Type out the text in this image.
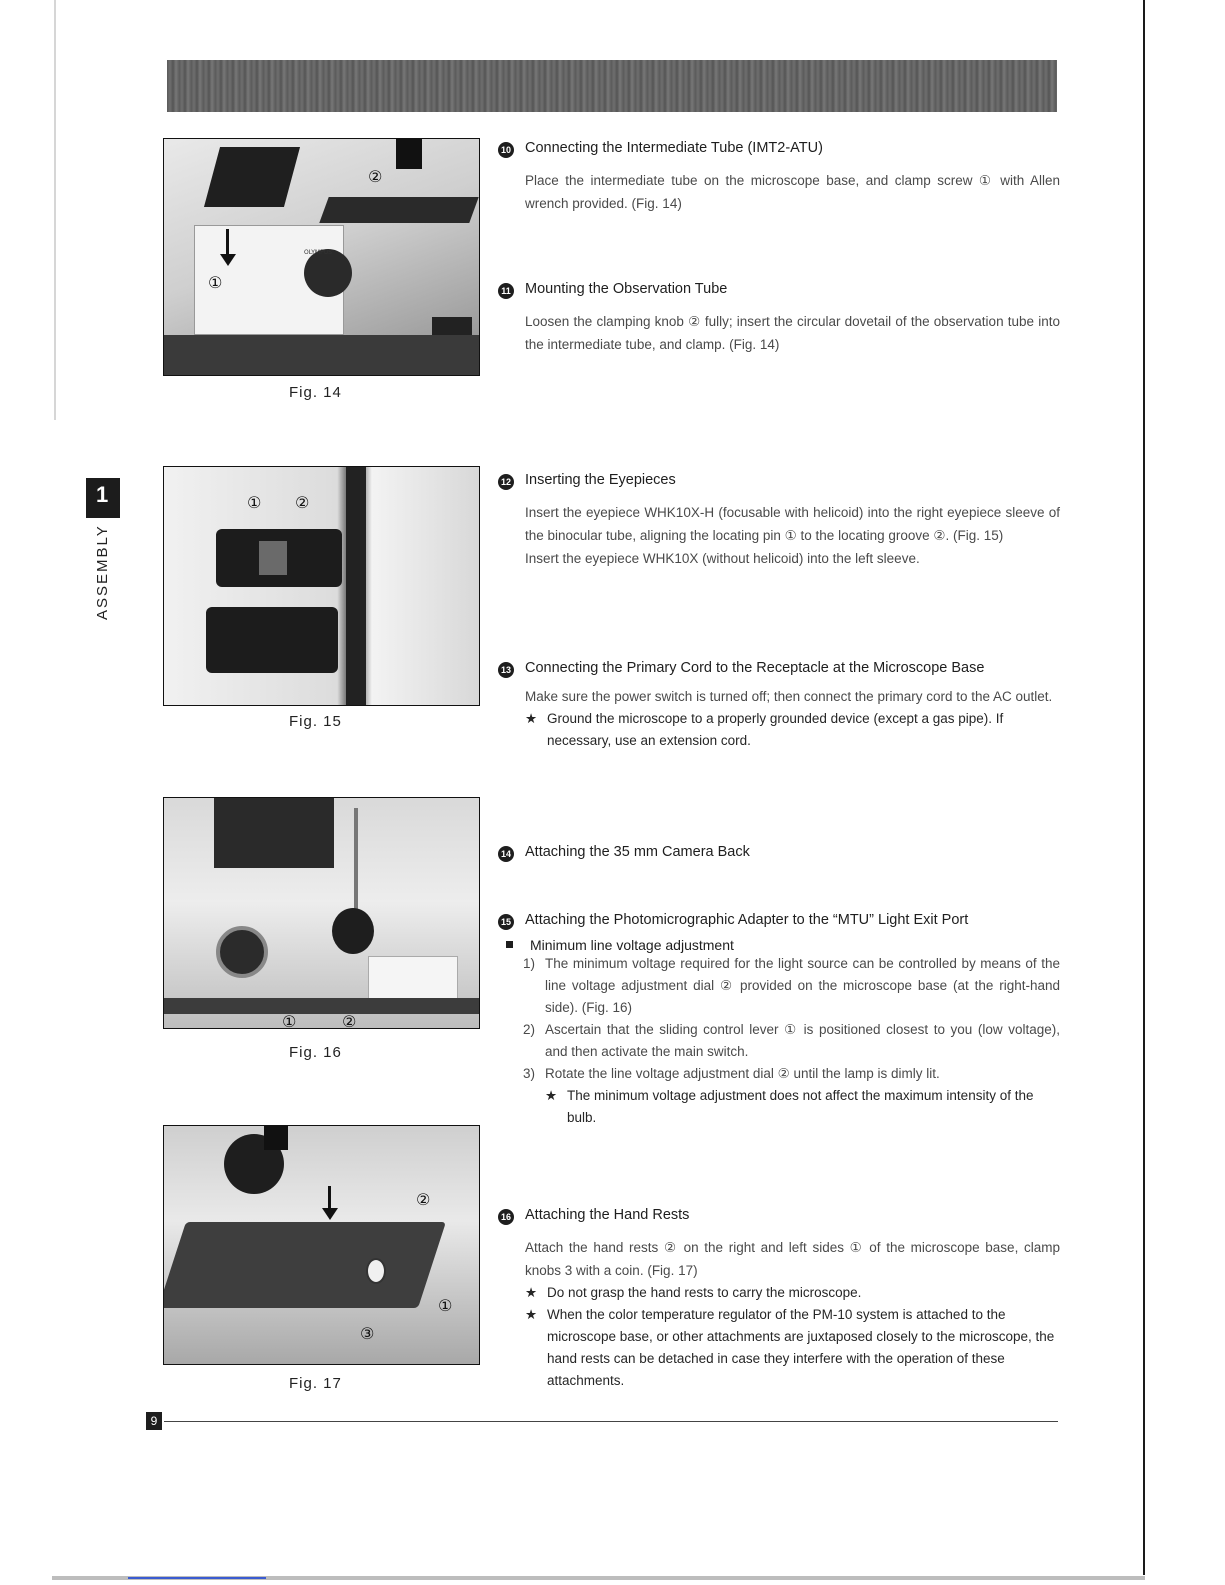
1
ASSEMBLY
②
①
OLYMPUS
Fig. 14
① ②
Fig. 15
①	②
Fig. 16
②
①
③
Fig. 17
10 Connecting the Intermediate Tube (IMT2-ATU)
Place the intermediate tube on the microscope base, and clamp screw ① with Allen wrench provided. (Fig. 14)
11 Mounting the Observation Tube
Loosen the clamping knob ② fully; insert the circular dovetail of the observation tube into the intermediate tube, and clamp. (Fig. 14)
12 Inserting the Eyepieces
Insert the eyepiece WHK10X-H (focusable with helicoid) into the right eyepiece sleeve of the binocular tube, aligning the locating pin ① to the locating groove ②. (Fig. 15)
Insert the eyepiece WHK10X (without helicoid) into the left sleeve.
13 Connecting the Primary Cord to the Receptacle at the Microscope Base
Make sure the power switch is turned off; then connect the primary cord to the AC outlet.
★ Ground the microscope to a properly grounded device (except a gas pipe). If necessary, use an extension cord.
14 Attaching the 35 mm Camera Back
15 Attaching the Photomicrographic Adapter to the “MTU” Light Exit Port
Minimum line voltage adjustment
1) The minimum voltage required for the light source can be controlled by means of the line voltage adjustment dial ② provided on the microscope base (at the right-hand side). (Fig. 16)
2) Ascertain that the sliding control lever ① is positioned closest to you (low voltage), and then activate the main switch.
3) Rotate the line voltage adjustment dial ② until the lamp is dimly lit.
★ The minimum voltage adjustment does not affect the maximum intensity of the bulb.
16 Attaching the Hand Rests
Attach the hand rests ② on the right and left sides ① of the microscope base, clamp knobs 3 with a coin. (Fig. 17)
★ Do not grasp the hand rests to carry the microscope.
★ When the color temperature regulator of the PM-10 system is attached to the microscope base, or other attachments are juxtaposed closely to the microscope, the hand rests can be detached in case they interfere with the operation of these attachments.
9
